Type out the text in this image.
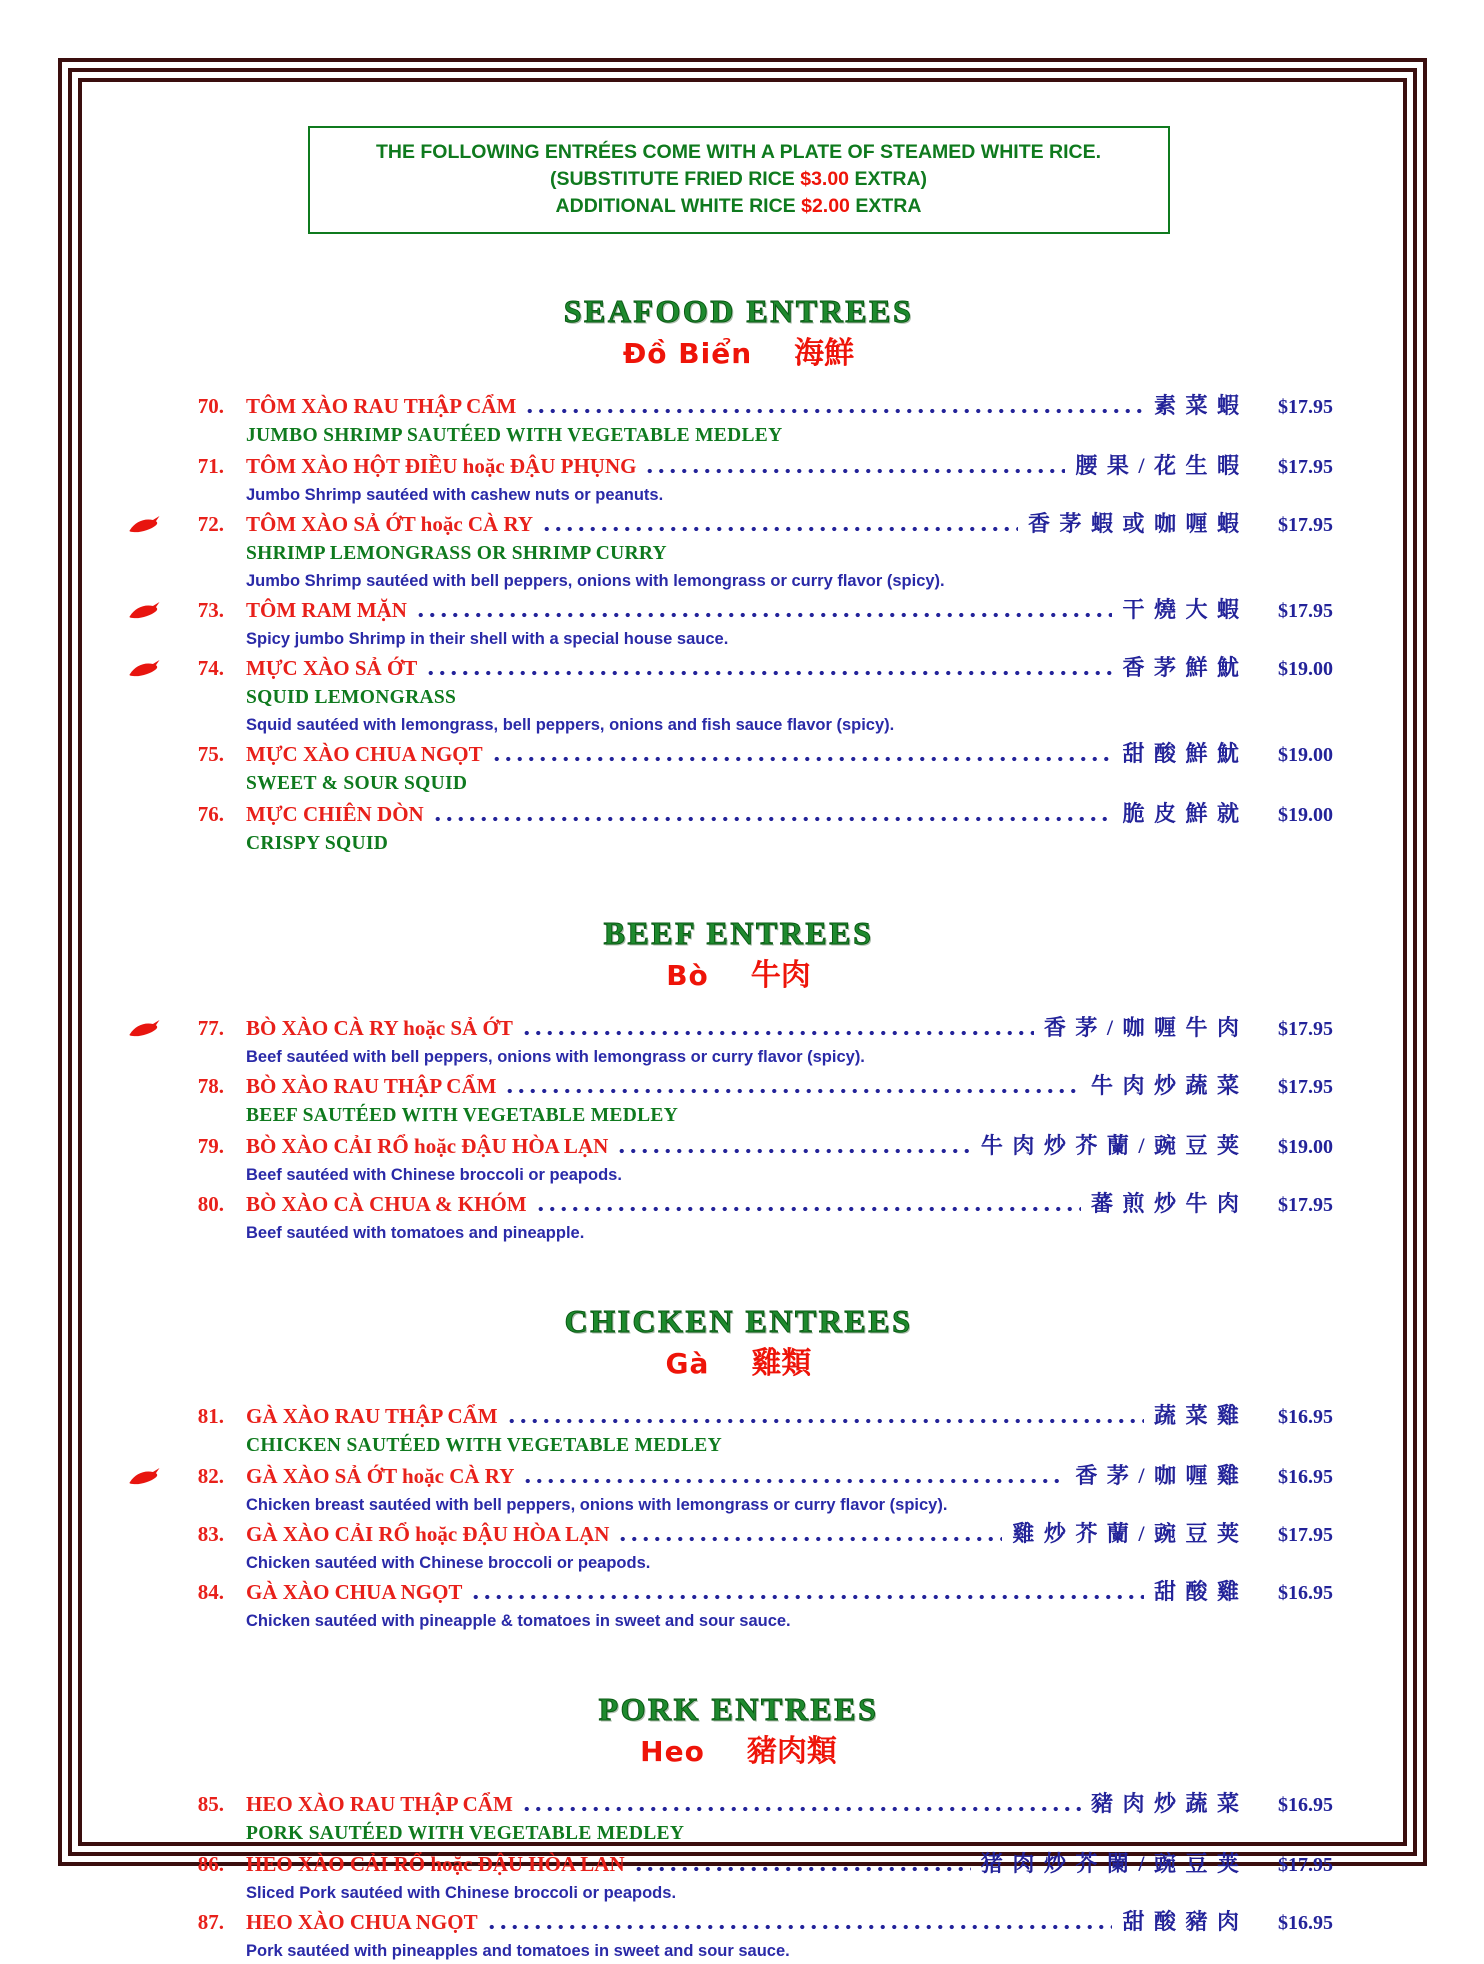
THE FOLLOWING ENTRÉES COME WITH A PLATE OF STEAMED WHITE RICE.
(SUBSTITUTE FRIED RICE $3.00 EXTRA)
ADDITIONAL WHITE RICE $2.00 EXTRA
SEAFOOD ENTREES
Đồ Biển 海鮮
70. TÔM XÀO RAU THẬP CẨM	素 菜 蝦	$17.95
JUMBO SHRIMP SAUTÉED WITH VEGETABLE MEDLEY
71. TÔM XÀO HỘT ĐIỀU hoặc ĐẬU PHỤNG	腰 果 / 花 生 暇	$17.95
Jumbo Shrimp sautéed with cashew nuts or peanuts.
72. TÔM XÀO SẢ ỚT hoặc CÀ RY	香 茅 蝦 或 咖 喱 蝦	$17.95
SHRIMP LEMONGRASS OR SHRIMP CURRY
Jumbo Shrimp sautéed with bell peppers, onions with lemongrass or curry flavor (spicy).
73. TÔM RAM MẶN	干 燒 大 蝦	$17.95
Spicy jumbo Shrimp in their shell with a special house sauce.
74. MỰC XÀO SẢ ỚT	香 茅 鮮 魷	$19.00
SQUID LEMONGRASS
Squid sautéed with lemongrass, bell peppers, onions and fish sauce flavor (spicy).
75. MỰC XÀO CHUA NGỌT	甜 酸 鮮 魷	$19.00
SWEET & SOUR SQUID
76. MỰC CHIÊN DÒN	脆 皮 鮮 就	$19.00
CRISPY SQUID
BEEF ENTREES
Bò 牛肉
77. BÒ XÀO CÀ RY hoặc SẢ ỚT	香 茅 / 咖 喱 牛 肉	$17.95
Beef sautéed with bell peppers, onions with lemongrass or curry flavor (spicy).
78. BÒ XÀO RAU THẬP CẨM	牛 肉 炒 蔬 菜	$17.95
BEEF SAUTÉED WITH VEGETABLE MEDLEY
79. BÒ XÀO CẢI RỔ hoặc ĐẬU HÒA LẠN	牛 肉 炒 芥 蘭 / 豌 豆 荚	$19.00
Beef sautéed with Chinese broccoli or peapods.
80. BÒ XÀO CÀ CHUA & KHÓM	蕃 煎 炒 牛 肉	$17.95
Beef sautéed with tomatoes and pineapple.
CHICKEN ENTREES
Gà 雞類
81. GÀ XÀO RAU THẬP CẨM	蔬 菜 雞	$16.95
CHICKEN SAUTÉED WITH VEGETABLE MEDLEY
82. GÀ XÀO SẢ ỚT hoặc CÀ RY	香 茅 / 咖 喱 雞	$16.95
Chicken breast sautéed with bell peppers, onions with lemongrass or curry flavor (spicy).
83. GÀ XÀO CẢI RỔ hoặc ĐẬU HÒA LẠN	雞 炒 芥 蘭 / 豌 豆 荚	$17.95
Chicken sautéed with Chinese broccoli or peapods.
84. GÀ XÀO CHUA NGỌT	甜 酸 雞	$16.95
Chicken sautéed with pineapple & tomatoes in sweet and sour sauce.
PORK ENTREES
Heo 豬肉類
85. HEO XÀO RAU THẬP CẨM	豬 肉 炒 蔬 菜	$16.95
PORK SAUTÉED WITH VEGETABLE MEDLEY
86. HEO XÀO CẢI RỔ hoặc ĐẬU HÒA LAN	猪 肉 炒 芥 闌 / 豌 豆 荚	$17.95
Sliced Pork sautéed with Chinese broccoli or peapods.
87. HEO XÀO CHUA NGỌT	甜 酸 豬 肉	$16.95
Pork sautéed with pineapples and tomatoes in sweet and sour sauce.
